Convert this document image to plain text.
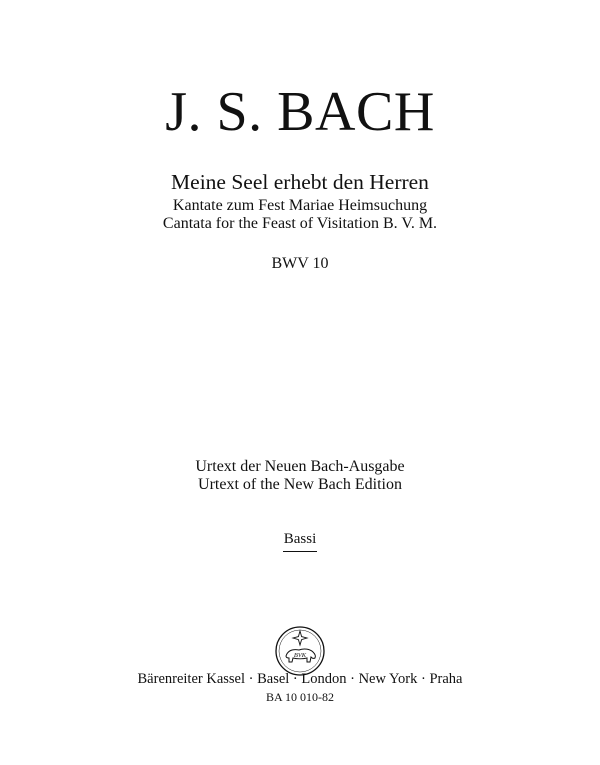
J. S. BACH
Meine Seel erhebt den Herren
Kantate zum Fest Mariae Heimsuchung
Cantata for the Feast of Visitation B. V. M.
BWV 10
Urtext der Neuen Bach-Ausgabe
Urtext of the New Bach Edition
Bassi
BVK
Bärenreiter Kassel · Basel · London · New York · Praha
BA 10 010-82
